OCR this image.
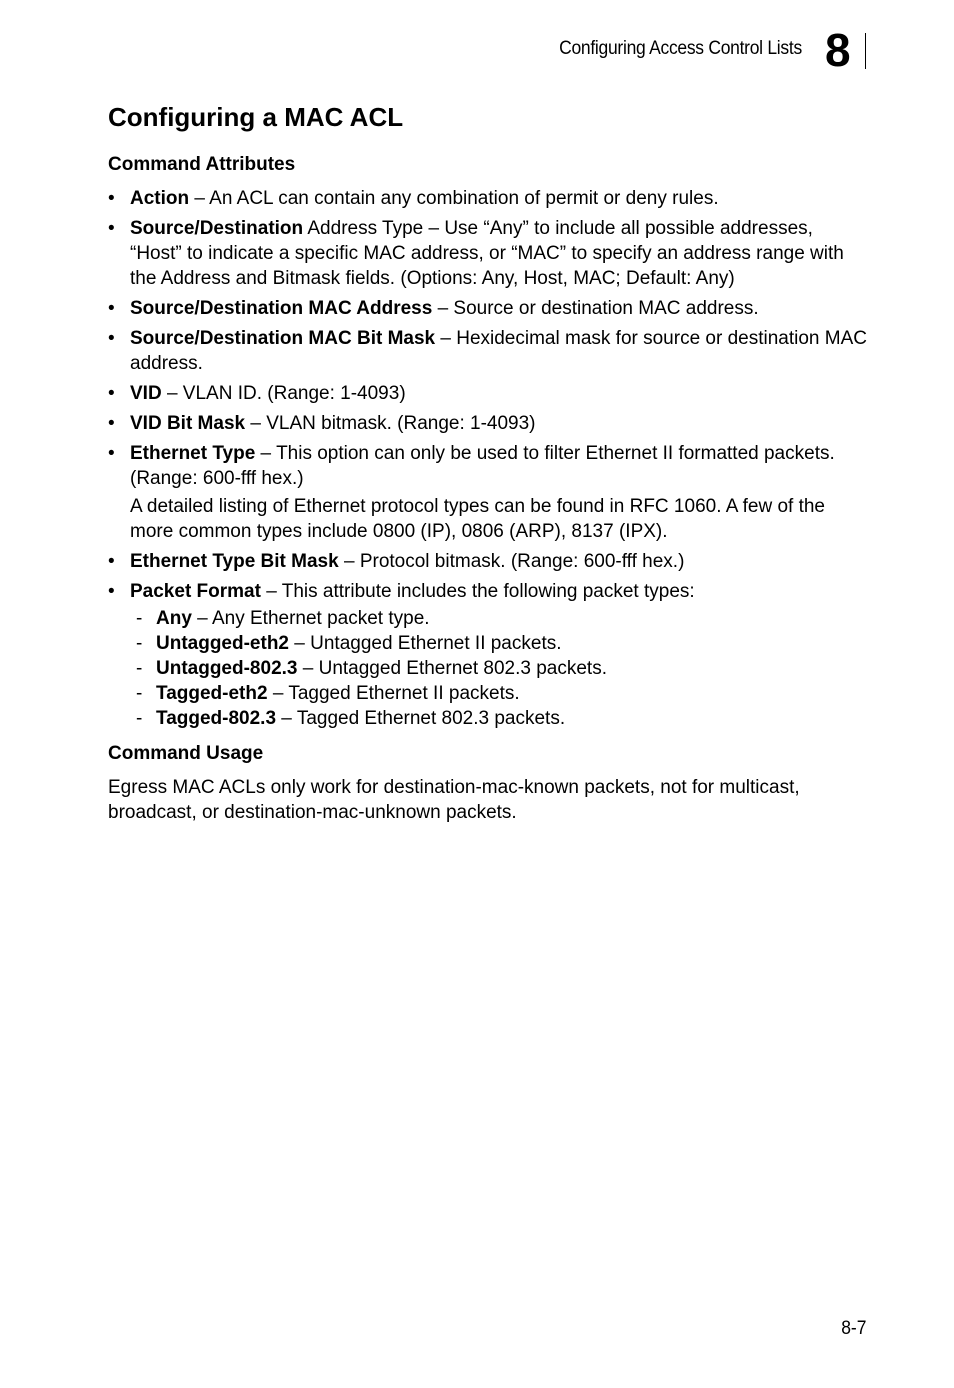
Configuring Access Control Lists 8
Configuring a MAC ACL
Command Attributes
• Action – An ACL can contain any combination of permit or deny rules.
• Source/Destination Address Type – Use “Any” to include all possible addresses, “Host” to indicate a specific MAC address, or “MAC” to specify an address range with the Address and Bitmask fields. (Options: Any, Host, MAC; Default: Any)
• Source/Destination MAC Address – Source or destination MAC address.
• Source/Destination MAC Bit Mask – Hexidecimal mask for source or destination MAC address.
• VID – VLAN ID. (Range: 1-4093)
• VID Bit Mask – VLAN bitmask. (Range: 1-4093)
• Ethernet Type – This option can only be used to filter Ethernet II formatted packets. (Range: 600-fff hex.)

A detailed listing of Ethernet protocol types can be found in RFC 1060. A few of the more common types include 0800 (IP), 0806 (ARP), 8137 (IPX).

• Ethernet Type Bit Mask – Protocol bitmask. (Range: 600-fff hex.)
• Packet Format – This attribute includes the following packet types:
- Any – Any Ethernet packet type.
- Untagged-eth2 – Untagged Ethernet II packets.
- Untagged-802.3 – Untagged Ethernet 802.3 packets.
- Tagged-eth2 – Tagged Ethernet II packets.
- Tagged-802.3 – Tagged Ethernet 802.3 packets.
Command Usage

Egress MAC ACLs only work for destination-mac-known packets, not for multicast, broadcast, or destination-mac-unknown packets.

8-7
